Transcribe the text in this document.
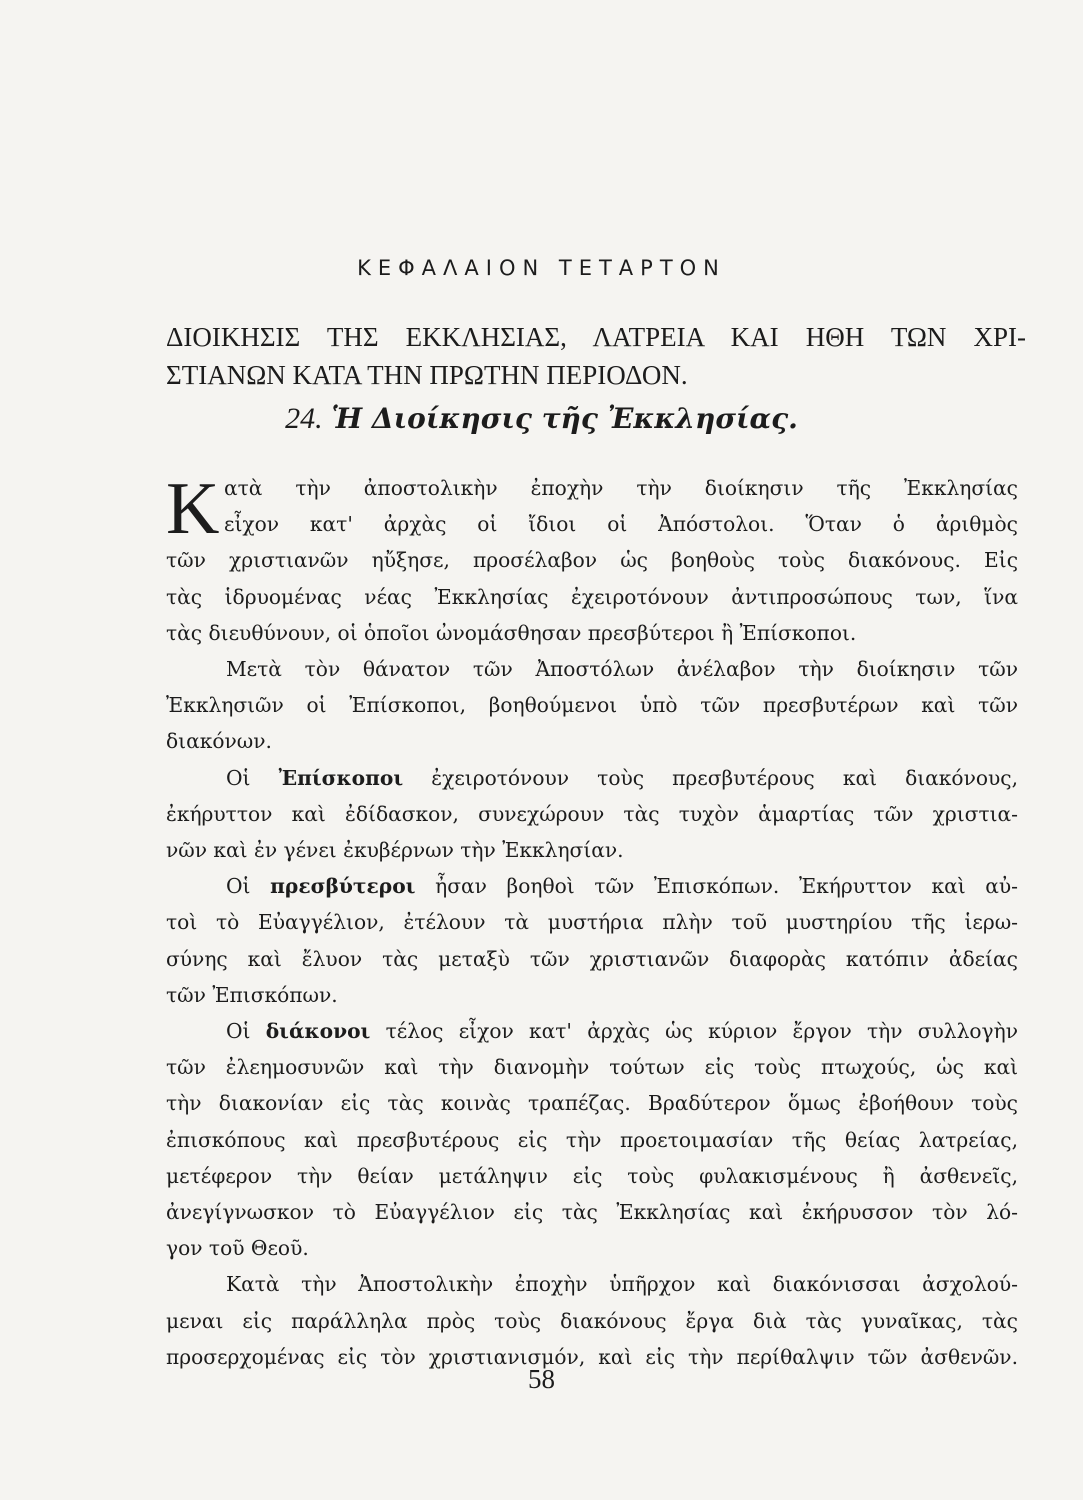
ΚΕΦΑΛΑΙΟΝ ΤΕΤΑΡΤΟΝ
ΔΙΟΙΚΗΣΙΣ ΤΗΣ ΕΚΚΛΗΣΙΑΣ, ΛΑΤΡΕΙΑ ΚΑΙ ΗΘΗ ΤΩΝ ΧΡΙ-
ΣΤΙΑΝΩΝ ΚΑΤΑ ΤΗΝ ΠΡΩΤΗΝ ΠΕΡΙΟΔΟΝ.
24. Ἡ Διοίκησις τῆς Ἐκκλησίας.
Κ ατὰ τὴν ἀποστολικὴν ἐποχὴν τὴν διοίκησιν τῆς Ἐκκλησίας
εἶχον κατ' ἀρχὰς οἱ ἴδιοι οἱ Ἀπόστολοι. Ὅταν ὁ ἀριθμὸς
τῶν χριστιανῶν ηὔξησε, προσέλαβον ὡς βοηθοὺς τοὺς διακόνους. Εἰς
τὰς ἱδρυομένας νέας Ἐκκλησίας ἐχειροτόνουν ἀντιπροσώπους των, ἵνα
τὰς διευθύνουν, οἱ ὁποῖοι ὠνομάσθησαν πρεσβύτεροι ἢ Ἐπίσκοποι.
Μετὰ τὸν θάνατον τῶν Ἀποστόλων ἀνέλαβον τὴν διοίκησιν τῶν
Ἐκκλησιῶν οἱ Ἐπίσκοποι, βοηθούμενοι ὑπὸ τῶν πρεσβυτέρων καὶ τῶν
διακόνων.
Οἱ Ἐπίσκοποι ἐχειροτόνουν τοὺς πρεσβυτέρους καὶ διακόνους,
ἐκήρυττον καὶ ἐδίδασκον, συνεχώρουν τὰς τυχὸν ἁμαρτίας τῶν χριστια-
νῶν καὶ ἐν γένει ἐκυβέρνων τὴν Ἐκκλησίαν.
Οἱ πρεσβύτεροι ἦσαν βοηθοὶ τῶν Ἐπισκόπων. Ἐκήρυττον καὶ αὐ-
τοὶ τὸ Εὐαγγέλιον, ἐτέλουν τὰ μυστήρια πλὴν τοῦ μυστηρίου τῆς ἱερω-
σύνης καὶ ἔλυον τὰς μεταξὺ τῶν χριστιανῶν διαφορὰς κατόπιν ἀδείας
τῶν Ἐπισκόπων.
Οἱ διάκονοι τέλος εἶχον κατ' ἀρχὰς ὡς κύριον ἔργον τὴν συλλογὴν
τῶν ἐλεημοσυνῶν καὶ τὴν διανομὴν τούτων εἰς τοὺς πτωχούς, ὡς καὶ
τὴν διακονίαν εἰς τὰς κοινὰς τραπέζας. Βραδύτερον ὅμως ἐβοήθουν τοὺς
ἐπισκόπους καὶ πρεσβυτέρους εἰς τὴν προετοιμασίαν τῆς θείας λατρείας,
μετέφερον τὴν θείαν μετάληψιν εἰς τοὺς φυλακισμένους ἢ ἀσθενεῖς,
ἀνεγίγνωσκον τὸ Εὐαγγέλιον εἰς τὰς Ἐκκλησίας καὶ ἐκήρυσσον τὸν λό-
γον τοῦ Θεοῦ.
Κατὰ τὴν Ἀποστολικὴν ἐποχὴν ὑπῆρχον καὶ διακόνισσαι ἀσχολού-
μεναι εἰς παράλληλα πρὸς τοὺς διακόνους ἔργα διὰ τὰς γυναῖκας, τὰς
προσερχομένας εἰς τὸν χριστιανισμόν, καὶ εἰς τὴν περίθαλψιν τῶν ἀσθενῶν.
58
